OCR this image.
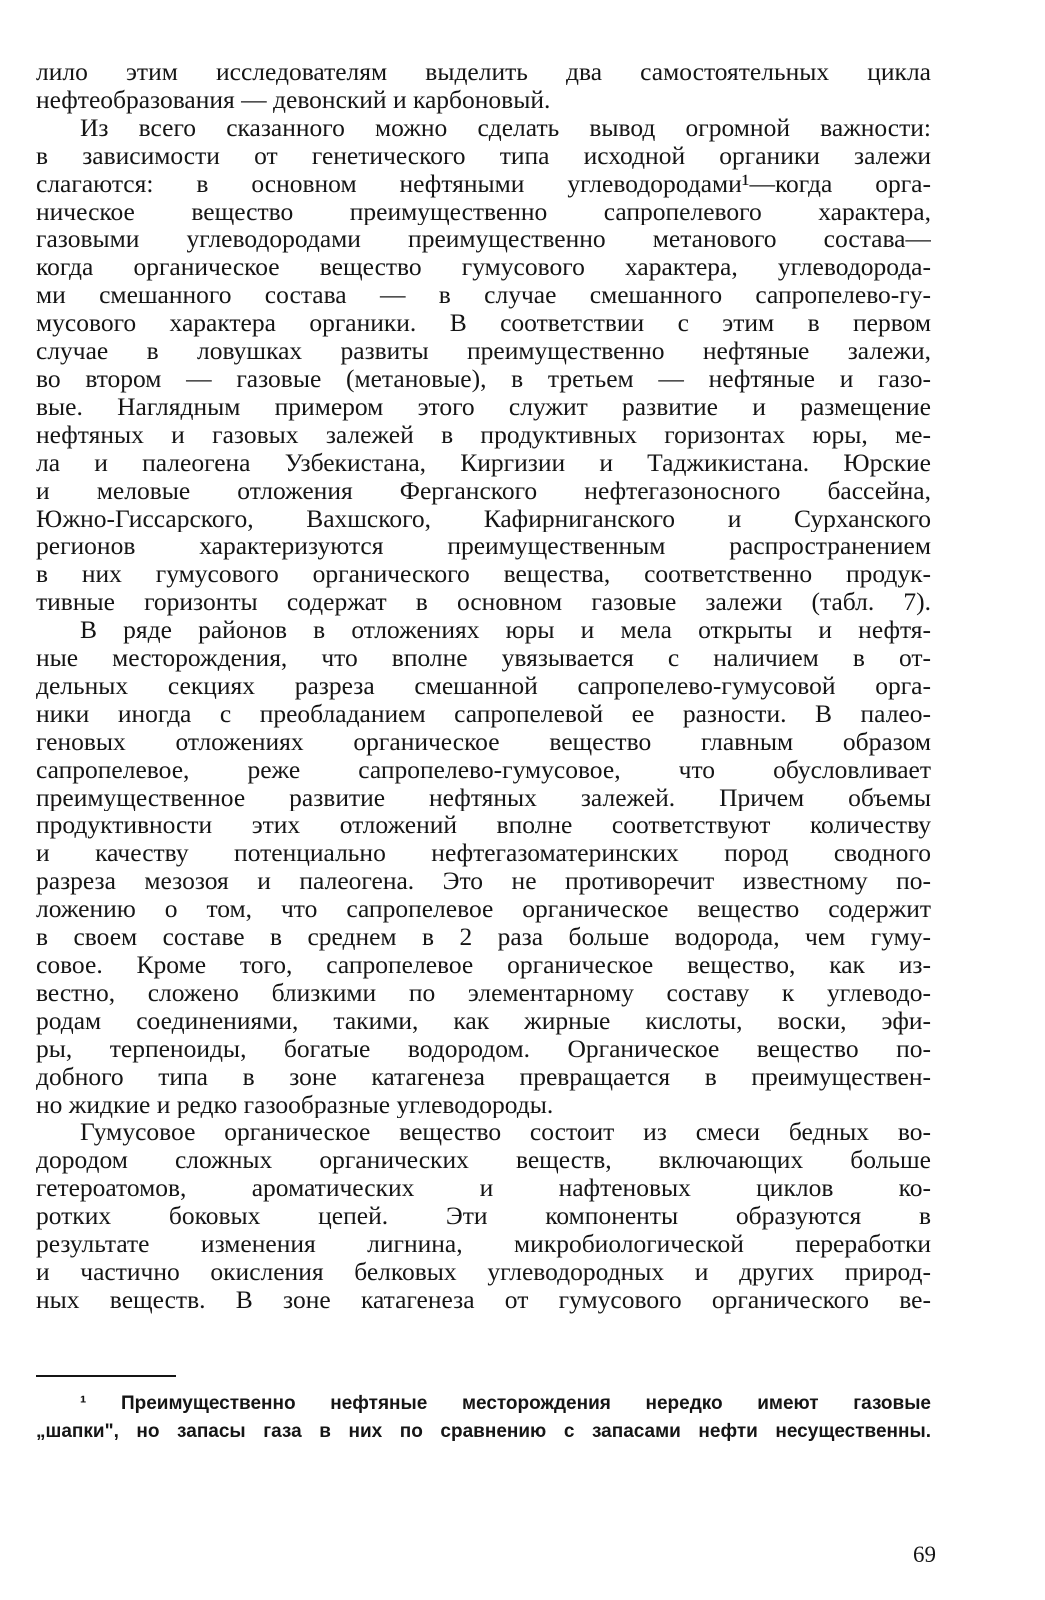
лило этим исследователям выделить два самостоятельных цикла
нефтеобразования — девонский и карбоновый.
Из всего сказанного можно сделать вывод огромной важности:
в зависимости от генетического типа исходной органики залежи
слагаются: в основном нефтяными углеводородами¹—когда орга-
ническое вещество преимущественно сапропелевого характера,
газовыми углеводородами преимущественно метанового состава—
когда органическое вещество гумусового характера, углеводорода-
ми смешанного состава — в случае смешанного сапропелево-гу-
мусового характера органики. В соответствии с этим в первом
случае в ловушках развиты преимущественно нефтяные залежи,
во втором — газовые (метановые), в третьем — нефтяные и газо-
вые. Наглядным примером этого служит развитие и размещение
нефтяных и газовых залежей в продуктивных горизонтах юры, ме-
ла и палеогена Узбекистана, Киргизии и Таджикистана. Юрские
и меловые отложения Ферганского нефтегазоносного бассейна,
Южно-Гиссарского, Вахшского, Кафирниганского и Сурханского
регионов характеризуются преимущественным распространением
в них гумусового органического вещества, соответственно продук-
тивные горизонты содержат в основном газовые залежи (табл. 7).
В ряде районов в отложениях юры и мела открыты и нефтя-
ные месторождения, что вполне увязывается с наличием в от-
дельных секциях разреза смешанной сапропелево-гумусовой орга-
ники иногда с преобладанием сапропелевой ее разности. В палео-
геновых отложениях органическое вещество главным образом
сапропелевое, реже сапропелево-гумусовое, что обусловливает
преимущественное развитие нефтяных залежей. Причем объемы
продуктивности этих отложений вполне соответствуют количеству
и качеству потенциально нефтегазоматеринских пород сводного
разреза мезозоя и палеогена. Это не противоречит известному по-
ложению о том, что сапропелевое органическое вещество содержит
в своем составе в среднем в 2 раза больше водорода, чем гуму-
совое. Кроме того, сапропелевое органическое вещество, как из-
вестно, сложено близкими по элементарному составу к углеводо-
родам соединениями, такими, как жирные кислоты, воски, эфи-
ры, терпеноиды, богатые водородом. Органическое вещество по-
добного типа в зоне катагенеза превращается в преимуществен-
но жидкие и редко газообразные углеводороды.
Гумусовое органическое вещество состоит из смеси бедных во-
дородом сложных органических веществ, включающих больше
гетероатомов, ароматических и нафтеновых циклов ко-
ротких боковых цепей. Эти компоненты образуются в
результате изменения лигнина, микробиологической переработки
и частично окисления белковых углеводородных и других природ-
ных веществ. В зоне катагенеза от гумусового органического ве-
¹ Преимущественно нефтяные месторождения нередко имеют газовые
„шапки", но запасы газа в них по сравнению с запасами нефти несущественны.
69
